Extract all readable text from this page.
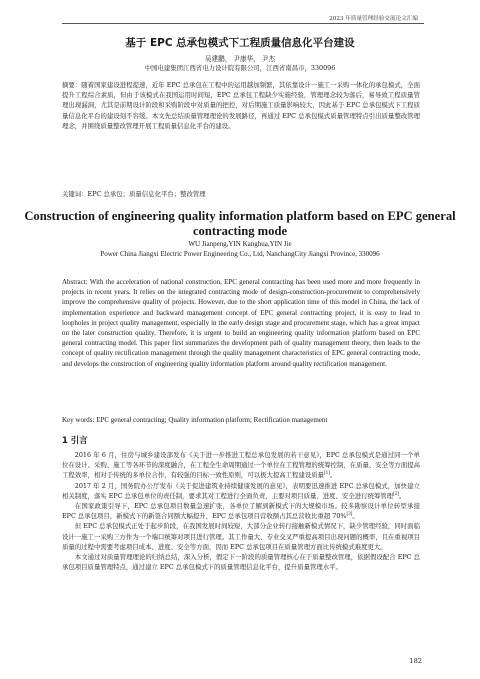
2023 年质量管理经验交流论文汇编
基于 EPC 总承包模式下工程质量信息化平台建设
吴建鹏， 尹康华， 尹杰
中国电建集团江西省电力设计院有限公司，江西省南昌市，330096

摘要：随着国家建设进程提速，近年 EPC 总承包在工程中的运用越加频繁，其依靠设计一施工一采购一体化的承包模式，全面提升工程综合素质，但由于该模式在我国运用时间短，EPC 总承包工程缺少实施经验，管理理念较为落后，易导致工程质量管理出现漏洞，尤其是前期设计阶段和采购阶段中对质量的把控，对后期施工质量影响较大，因此基于 EPC 总承包模式下工程质量信息化平台的建设刻不容缓。本文先总结质量管理理论的发展路径，再通过 EPC 总承包模式质量管理特点引出质量整改管理理念，并围绕质量整改管理开展工程质量信息化平台的建设。

关键词：EPC 总承包；质量信息化平台；整改管理

Construction of engineering quality information platform based on EPC general contracting mode
WU Jianpeng,YIN Kanghua,YIN Jie

Power China Jiangxi Electric Power Engineering Co., Ltd, NanchangCity Jiangxi Province, 330096

Abstract: With the acceleration of national construction, EPC general contracting has been used more and more frequently in projects in recent years. It relies on the integrated contracting mode of design-construction-procurement to comprehensively improve the comprehensive quality of projects. However, due to the short application time of this model in China, the lack of implementation experience and backward management concept of EPC general contracting project, it is easy to lead to loopholes in project quality management, especially in the early design stage and procurement stage, which has a great impact on the later construction quality. Therefore, it is urgent to build an engineering quality information platform based on EPC general contracting model. This paper first summarizes the development path of quality management theory, then leads to the concept of quality rectification management through the quality management characteristics of EPC general contracting mode, and develops the construction of engineering quality information platform around quality rectification management.

Key words: EPC general contracting; Quality information platform; Rectification management

1 引言

2016 年 6 月，住房与城乡建设部发布《关于进一步推进工程总承包发展的若干意见》，EPC 总承包模式是通过同一个单位在设计、采购、施工等各环节的深度融合，在工程全生命周期通过一个单位在工程管理的统筹控制，在质量、安全等方面提高工程效率，相对于传统的多单位合作，有较强的目标一致性原则，可以极大提高工程建设质量[1]。

2017 年 2 月，国务院办公厅发布《关于促进建筑业持续健康发展的意见》，表明要迅速推进 EPC 总承包模式，加快建立相关制度，落实 EPC 总承包单位的责任制，要求其对工程进行全面负责，主要对项目质量、进度、安全进行统筹管理[2]。

在国家政策引导下，EPC 总承包项目数量急速扩张，各单位了解到新模式下的大规模市场。较多勘察设计单位转型承接 EPC 总承包项目，新模式下的新签合同额大幅提升，EPC 总承包项目营收额占其总营收比重超 70%[3]。

但 EPC 总承包模式正处于起步阶段，在我国发展时间较短，大部分企业转行接触新模式情况下，缺少管理经验，同时面临设计一施工一采购三方作为一个端口统筹对项目进行管理。其工作量大、专业交叉严重提高项目出现问题的概率，且在重视项目质量的过程中需要考虑项目成本、进度、安全等方面，因而 EPC 总承包项目在质量管理方面比传统模式难度更大。

本文通过对质量管理理论的归纳总结，深入分析，假定下一阶段的质量管理核心在于质量整改管理，依据假设配合 EPC 总承包项目质量管理特点，通过建立 EPC 总承包模式下的质量管理信息化平台，提升质量管理水平。

182
